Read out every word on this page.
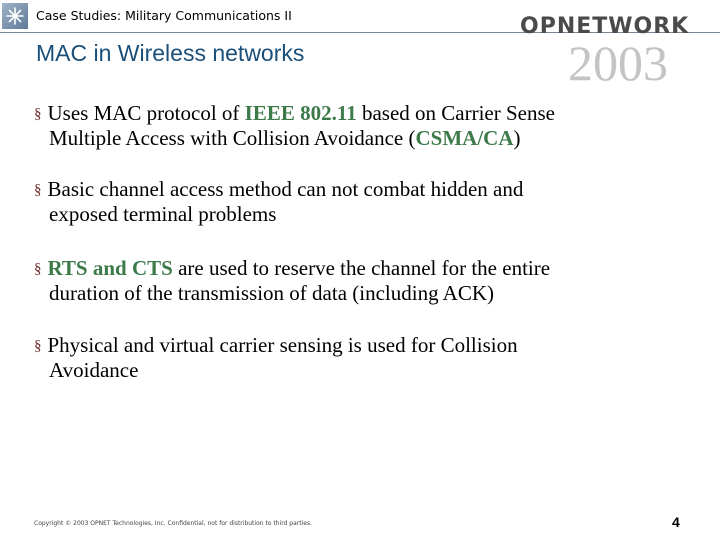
Case Studies: Military Communications II	OPNETWORK
2003
MAC in Wireless networks
§ Uses MAC protocol of IEEE 802.11 based on Carrier Sense
Multiple Access with Collision Avoidance (CSMA/CA)
§ Basic channel access method can not combat hidden and
exposed terminal problems
§ RTS and CTS are used to reserve the channel for the entire
duration of the transmission of data (including ACK)
§ Physical and virtual carrier sensing is used for Collision
Avoidance
Copyright © 2003 OPNET Technologies, Inc. Confidential, not for distribution to third parties.	4
